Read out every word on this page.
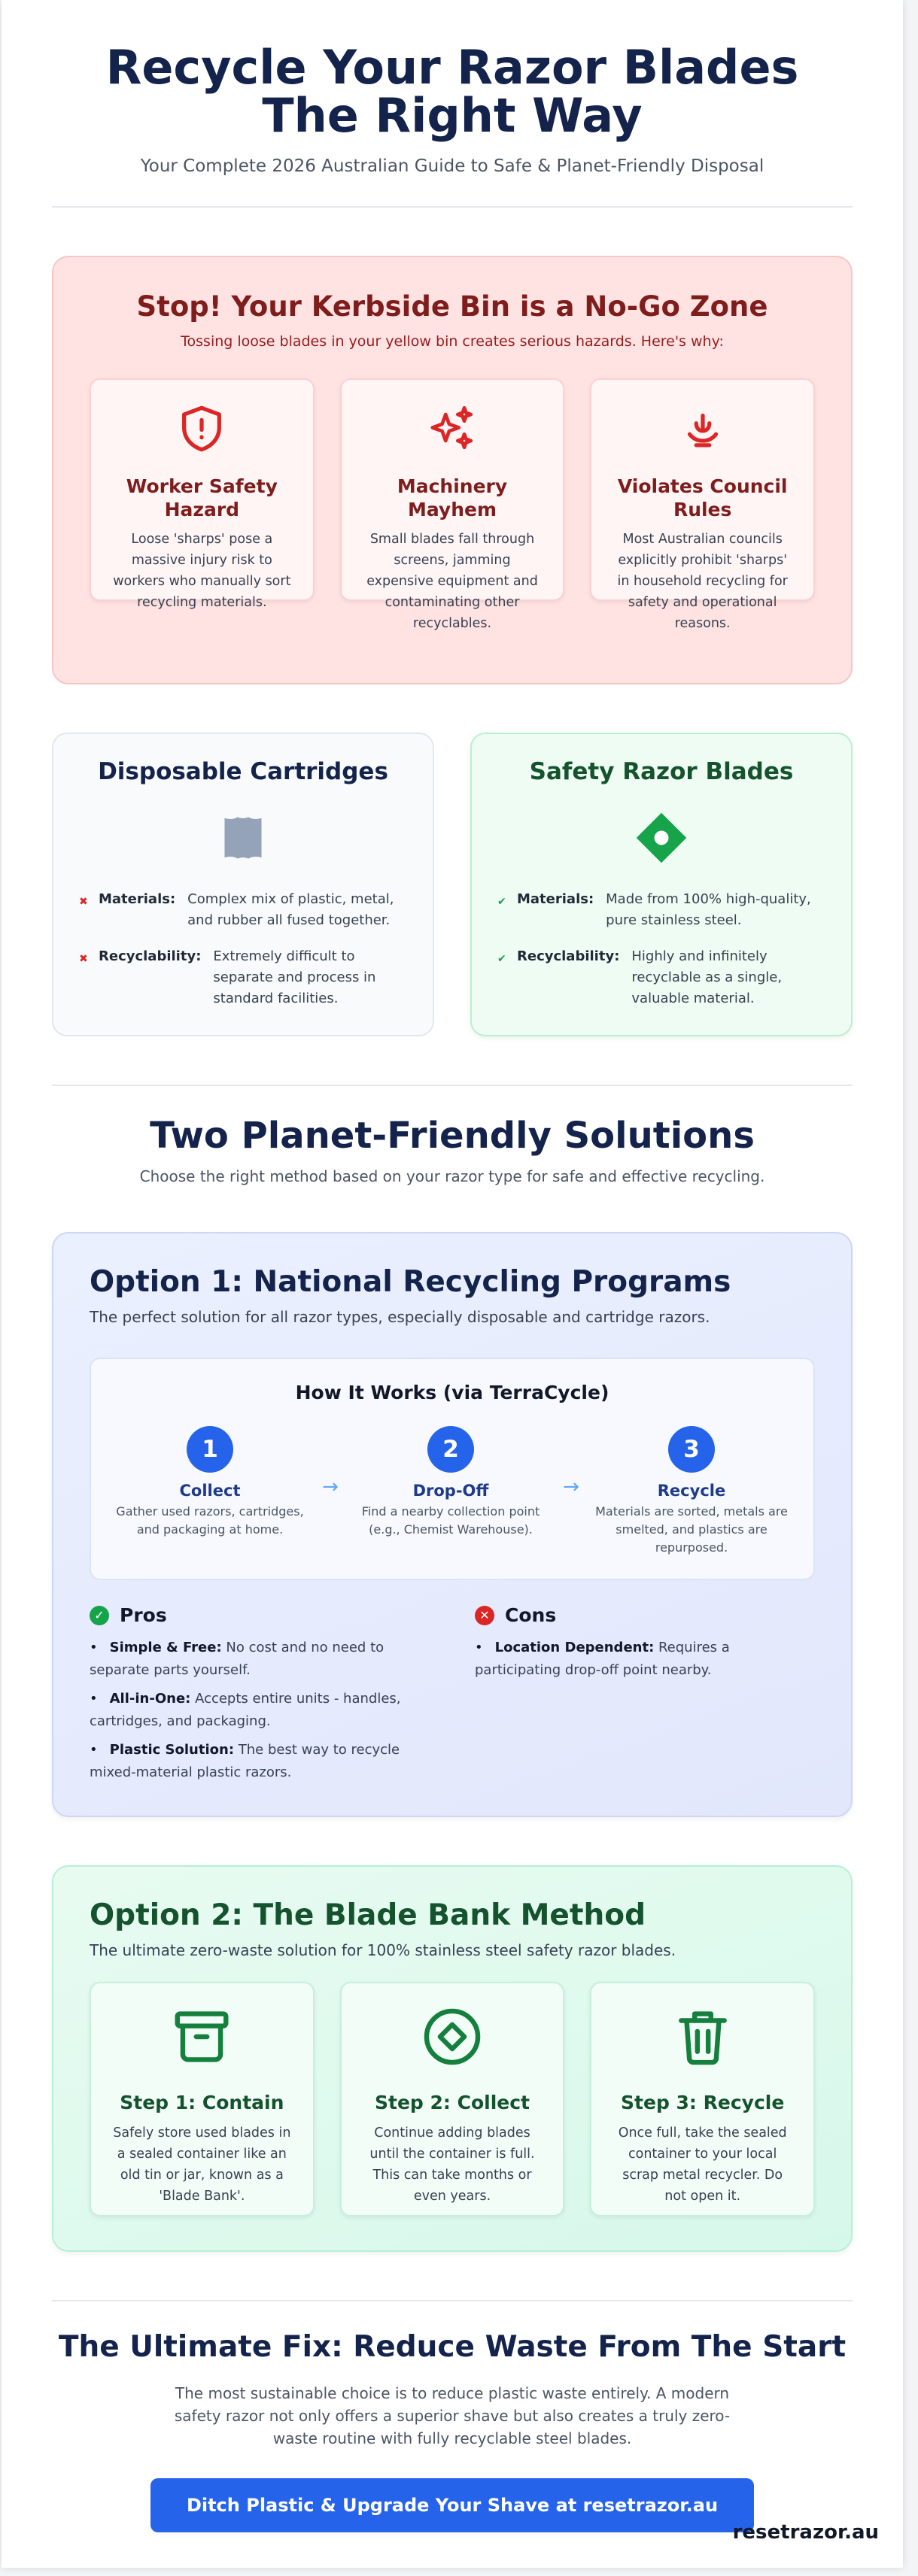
Recycle Your Razor Blades The Right Way

Your Complete 2026 Australian Guide to Safe & Planet-Friendly Disposal

Stop! Your Kerbside Bin is a No-Go Zone

Tossing loose blades in your yellow bin creates serious hazards. Here's why:

Worker Safety Hazard

Loose 'sharps' pose a massive injury risk to workers who manually sort recycling materials.

Machinery Mayhem

Small blades fall through screens, jamming expensive equipment and contaminating other recyclables.

Violates Council Rules

Most Australian councils explicitly prohibit 'sharps' in household recycling for safety and operational reasons.

Disposable Cartridges
✖ Materials: Complex mix of plastic, metal, and rubber all fused together.
✖ Recyclability: Extremely difficult to separate and process in standard facilities.
Safety Razor Blades
✔ Materials: Made from 100% high-quality, pure stainless steel.
✔ Recyclability: Highly and infinitely recyclable as a single, valuable material.
Two Planet-Friendly Solutions

Choose the right method based on your razor type for safe and effective recycling.

Option 1: National Recycling Programs

The perfect solution for all razor types, especially disposable and cartridge razors.

How It Works (via TerraCycle)
1
Collect

Gather used razors, cartridges, and packaging at home.

→
2
Drop-Off

Find a nearby collection point (e.g., Chemist Warehouse).

→
3
Recycle

Materials are sorted, metals are smelted, and plastics are repurposed.

✓ Pros
• Simple & Free: No cost and no need to separate parts yourself.
• All-in-One: Accepts entire units - handles, cartridges, and packaging.
• Plastic Solution: The best way to recycle mixed-material plastic razors.
✕ Cons
• Location Dependent: Requires a participating drop-off point nearby.
Option 2: The Blade Bank Method

The ultimate zero-waste solution for 100% stainless steel safety razor blades.

Step 1: Contain

Safely store used blades in a sealed container like an old tin or jar, known as a 'Blade Bank'.

Step 2: Collect

Continue adding blades until the container is full. This can take months or even years.

Step 3: Recycle

Once full, take the sealed container to your local scrap metal recycler. Do not open it.

The Ultimate Fix: Reduce Waste From The Start

The most sustainable choice is to reduce plastic waste entirely. A modern safety razor not only offers a superior shave but also creates a truly zero-waste routine with fully recyclable steel blades.

Ditch Plastic & Upgrade Your Shave at resetrazor.au
resetrazor.au
